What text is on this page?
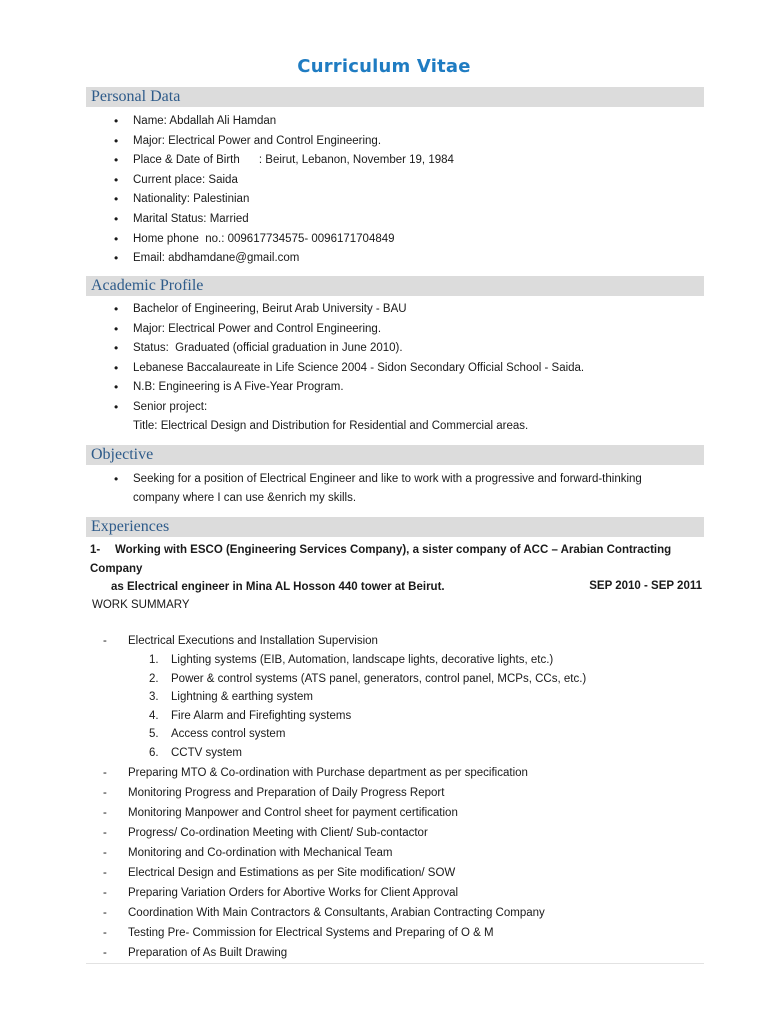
Curriculum Vitae
Personal Data
• Name: Abdallah Ali Hamdan
• Major: Electrical Power and Control Engineering.
• Place & Date of Birth      : Beirut, Lebanon, November 19, 1984
• Current place: Saida
• Nationality: Palestinian
• Marital Status: Married
• Home phone  no.: 009617734575- 0096171704849
• Email: abdhamdane@gmail.com
Academic Profile
• Bachelor of Engineering, Beirut Arab University - BAU
• Major: Electrical Power and Control Engineering.
• Status:  Graduated (official graduation in June 2010).
• Lebanese Baccalaureate in Life Science 2004 - Sidon Secondary Official School - Saida.
• N.B: Engineering is A Five-Year Program.
• Senior project:
Title: Electrical Design and Distribution for Residential and Commercial areas.
Objective
• Seeking for a position of Electrical Engineer and like to work with a progressive and forward-thinking
company where I can use &enrich my skills.
Experiences
1- Working with ESCO (Engineering Services Company), a sister company of ACC – Arabian Contracting Company
as Electrical engineer in Mina AL Hosson 440 tower at Beirut.	SEP 2010 - SEP 2011
WORK SUMMARY
- Electrical Executions and Installation Supervision
1. Lighting systems (EIB, Automation, landscape lights, decorative lights, etc.)
2. Power & control systems (ATS panel, generators, control panel, MCPs, CCs, etc.)
3. Lightning & earthing system
4. Fire Alarm and Firefighting systems
5. Access control system
6. CCTV system
- Preparing MTO & Co-ordination with Purchase department as per specification
- Monitoring Progress and Preparation of Daily Progress Report
- Monitoring Manpower and Control sheet for payment certification
- Progress/ Co-ordination Meeting with Client/ Sub-contactor
- Monitoring and Co-ordination with Mechanical Team
- Electrical Design and Estimations as per Site modification/ SOW
- Preparing Variation Orders for Abortive Works for Client Approval
- Coordination With Main Contractors & Consultants, Arabian Contracting Company
- Testing Pre- Commission for Electrical Systems and Preparing of O & M
- Preparation of As Built Drawing
